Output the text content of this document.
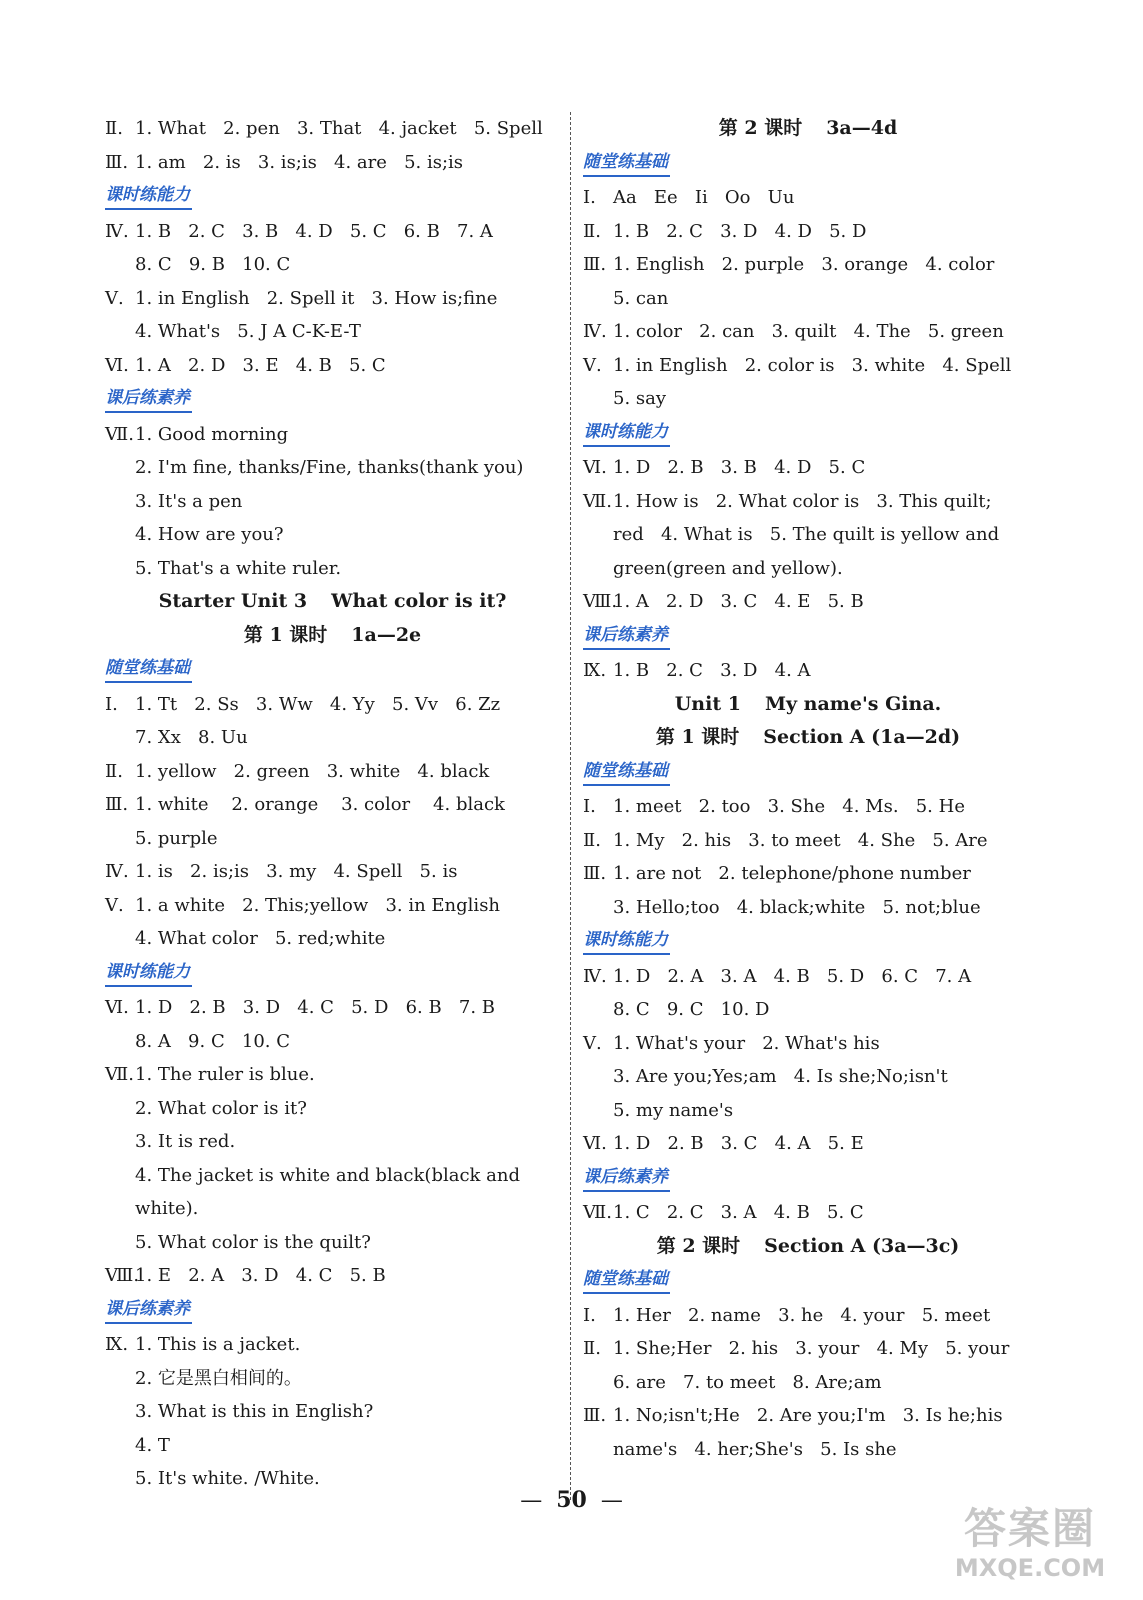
Ⅱ. 1. What   2. pen   3. That   4. jacket   5. Spell
Ⅲ. 1. am   2. is   3. is;is   4. are   5. is;is
课时练能力
Ⅳ. 1. B   2. C   3. B   4. D   5. C   6. B   7. A
8. C   9. B   10. C
Ⅴ. 1. in English   2. Spell it   3. How is;fine
4. What's   5. J A C-K-E-T
Ⅵ. 1. A   2. D   3. E   4. B   5. C
课后练素养
Ⅶ.1. Good morning
2. I'm fine, thanks/Fine, thanks(thank you)
3. It's a pen
4. How are you?
5. That's a white ruler.
Starter Unit 3 What color is it?
第 1 课时 1a—2e
随堂练基础
Ⅰ. 1. Tt   2. Ss   3. Ww   4. Yy   5. Vv   6. Zz
7. Xx   8. Uu
Ⅱ. 1. yellow   2. green   3. white   4. black
Ⅲ. 1. white    2. orange    3. color    4. black
5. purple
Ⅳ. 1. is   2. is;is   3. my   4. Spell   5. is
Ⅴ. 1. a white   2. This;yellow   3. in English
4. What color   5. red;white
课时练能力
Ⅵ. 1. D   2. B   3. D   4. C   5. D   6. B   7. B
8. A   9. C   10. C
Ⅶ.1. The ruler is blue.
2. What color is it?
3. It is red.
4. The jacket is white and black(black and
white).
5. What color is the quilt?
Ⅷ.1. E   2. A   3. D   4. C   5. B
课后练素养
Ⅸ. 1. This is a jacket.
2. 它是黑白相间的。
3. What is this in English?
4. T
5. It's white. /White.
第 2 课时 3a—4d
随堂练基础
Ⅰ. Aa   Ee   Ii   Oo   Uu
Ⅱ. 1. B   2. C   3. D   4. D   5. D
Ⅲ. 1. English   2. purple   3. orange   4. color
5. can
Ⅳ. 1. color   2. can   3. quilt   4. The   5. green
Ⅴ. 1. in English   2. color is   3. white   4. Spell
5. say
课时练能力
Ⅵ. 1. D   2. B   3. B   4. D   5. C
Ⅶ.1. How is   2. What color is   3. This quilt;
red   4. What is   5. The quilt is yellow and
green(green and yellow).
Ⅷ.1. A   2. D   3. C   4. E   5. B
课后练素养
Ⅸ. 1. B   2. C   3. D   4. A
Unit 1 My name's Gina.
第 1 课时 Section A (1a—2d)
随堂练基础
Ⅰ. 1. meet   2. too   3. She   4. Ms.   5. He
Ⅱ. 1. My   2. his   3. to meet   4. She   5. Are
Ⅲ. 1. are not   2. telephone/phone number
3. Hello;too   4. black;white   5. not;blue
课时练能力
Ⅳ. 1. D   2. A   3. A   4. B   5. D   6. C   7. A
8. C   9. C   10. D
Ⅴ. 1. What's your   2. What's his
3. Are you;Yes;am   4. Is she;No;isn't
5. my name's
Ⅵ. 1. D   2. B   3. C   4. A   5. E
课后练素养
Ⅶ.1. C   2. C   3. A   4. B   5. C
第 2 课时 Section A (3a—3c)
随堂练基础
Ⅰ. 1. Her   2. name   3. he   4. your   5. meet
Ⅱ. 1. She;Her   2. his   3. your   4. My   5. your
6. are   7. to meet   8. Are;am
Ⅲ. 1. No;isn't;He   2. Are you;I'm   3. Is he;his
name's   4. her;She's   5. Is she
— 50 —
答案圈
MXQE.COM
